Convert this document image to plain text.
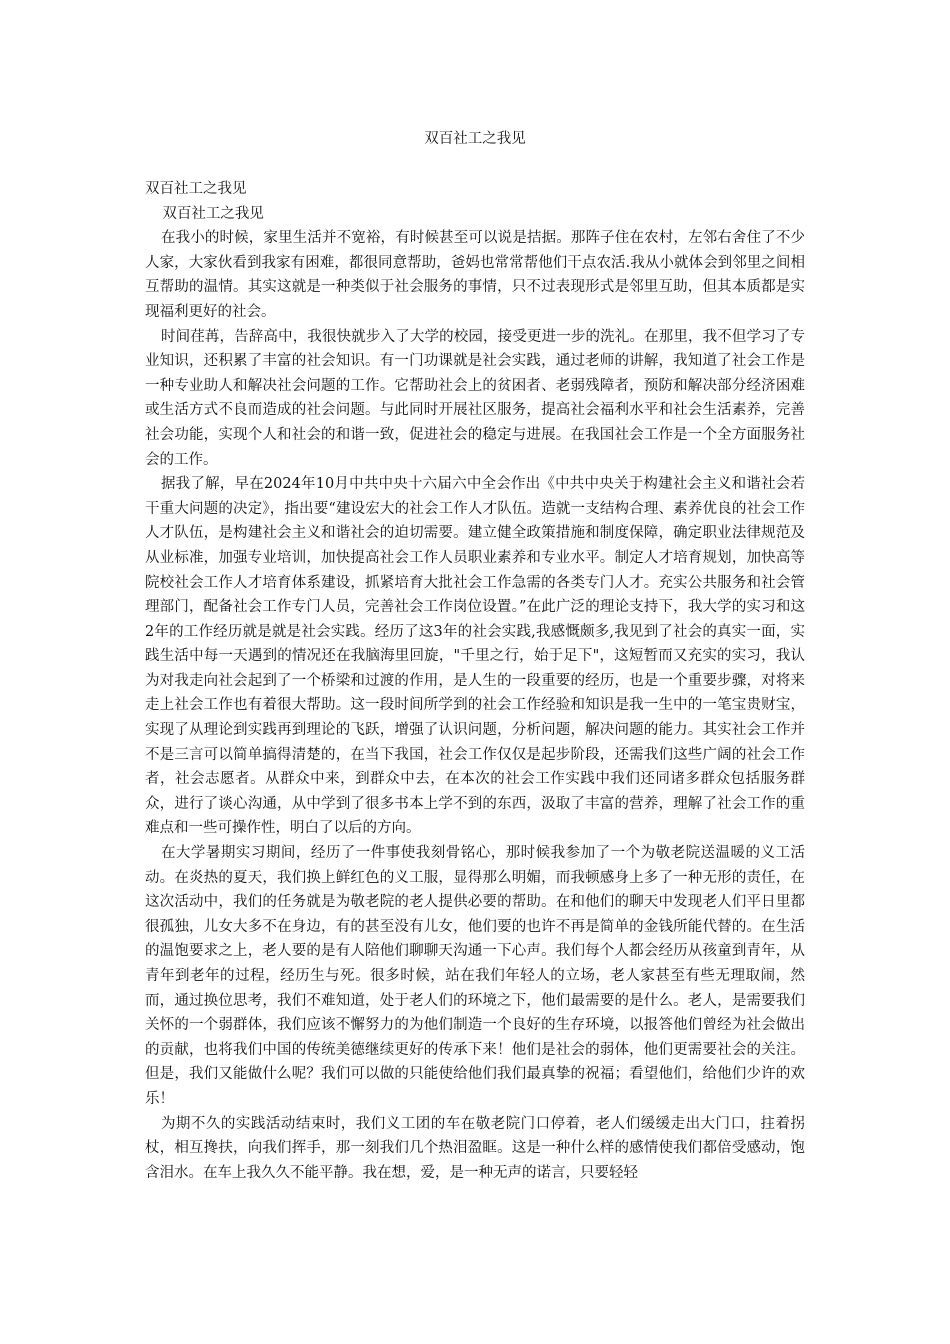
双百社工之我见

双百社工之我见

双百社工之我见

在我小的时候，家里生活并不宽裕，有时候甚至可以说是拮据。那阵子住在农村，左邻右舍住了不少人家，大家伙看到我家有困难，都很同意帮助，爸妈也常常帮他们干点农活.我从小就体会到邻里之间相互帮助的温情。其实这就是一种类似于社会服务的事情，只不过表现形式是邻里互助，但其本质都是实现福利更好的社会。

时间荏苒，告辞高中，我很快就步入了大学的校园，接受更进一步的洗礼。在那里，我不但学习了专业知识，还积累了丰富的社会知识。有一门功课就是社会实践，通过老师的讲解，我知道了社会工作是一种专业助人和解决社会问题的工作。它帮助社会上的贫困者、老弱残障者，预防和解决部分经济困难或生活方式不良而造成的社会问题。与此同时开展社区服务，提高社会福利水平和社会生活素养，完善社会功能，实现个人和社会的和谐一致，促进社会的稳定与进展。在我国社会工作是一个全方面服务社会的工作。

据我了解，早在2024年10月中共中央十六届六中全会作出《中共中央关于构建社会主义和谐社会若干重大问题的决定》，指出要“建设宏大的社会工作人才队伍。造就一支结构合理、素养优良的社会工作人才队伍，是构建社会主义和谐社会的迫切需要。建立健全政策措施和制度保障，确定职业法律规范及从业标准，加强专业培训，加快提高社会工作人员职业素养和专业水平。制定人才培育规划，加快高等院校社会工作人才培育体系建设，抓紧培育大批社会工作急需的各类专门人才。充实公共服务和社会管理部门，配备社会工作专门人员，完善社会工作岗位设置。”在此广泛的理论支持下，我大学的实习和这2年的工作经历就是就是社会实践。经历了这3年的社会实践,我感慨颇多,我见到了社会的真实一面，实践生活中每一天遇到的情况还在我脑海里回旋，"千里之行，始于足下"，这短暂而又充实的实习，我认为对我走向社会起到了一个桥梁和过渡的作用，是人生的一段重要的经历，也是一个重要步骤，对将来走上社会工作也有着很大帮助。这一段时间所学到的社会工作经验和知识是我一生中的一笔宝贵财宝，实现了从理论到实践再到理论的飞跃，增强了认识问题，分析问题，解决问题的能力。其实社会工作并不是三言可以简单搞得清楚的，在当下我国，社会工作仅仅是起步阶段，还需我们这些广阔的社会工作者，社会志愿者。从群众中来，到群众中去，在本次的社会工作实践中我们还同诸多群众包括服务群众，进行了谈心沟通，从中学到了很多书本上学不到的东西，汲取了丰富的营养，理解了社会工作的重难点和一些可操作性，明白了以后的方向。

在大学暑期实习期间，经历了一件事使我刻骨铭心，那时候我参加了一个为敬老院送温暖的义工活动。在炎热的夏天，我们换上鲜红色的义工服，显得那么明媚，而我顿感身上多了一种无形的责任，在这次活动中，我们的任务就是为敬老院的老人提供必要的帮助。在和他们的聊天中发现老人们平日里都很孤独，儿女大多不在身边，有的甚至没有儿女，他们要的也许不再是简单的金钱所能代替的。在生活的温饱要求之上，老人要的是有人陪他们聊聊天沟通一下心声。我们每个人都会经历从孩童到青年，从青年到老年的过程，经历生与死。很多时候，站在我们年轻人的立场，老人家甚至有些无理取闹，然而，通过换位思考，我们不难知道，处于老人们的环境之下，他们最需要的是什么。老人，是需要我们关怀的一个弱群体，我们应该不懈努力的为他们制造一个良好的生存环境，以报答他们曾经为社会做出的贡献，也将我们中国的传统美德继续更好的传承下来！他们是社会的弱体，他们更需要社会的关注。但是，我们又能做什么呢？我们可以做的只能使给他们我们最真挚的祝福；看望他们，给他们少许的欢乐！

为期不久的实践活动结束时，我们义工团的车在敬老院门口停着，老人们缓缓走出大门口，拄着拐杖，相互搀扶，向我们挥手，那一刻我们几个热泪盈眶。这是一种什么样的感情使我们都倍受感动，饱含泪水。在车上我久久不能平静。我在想，爱，是一种无声的诺言，只要轻轻
